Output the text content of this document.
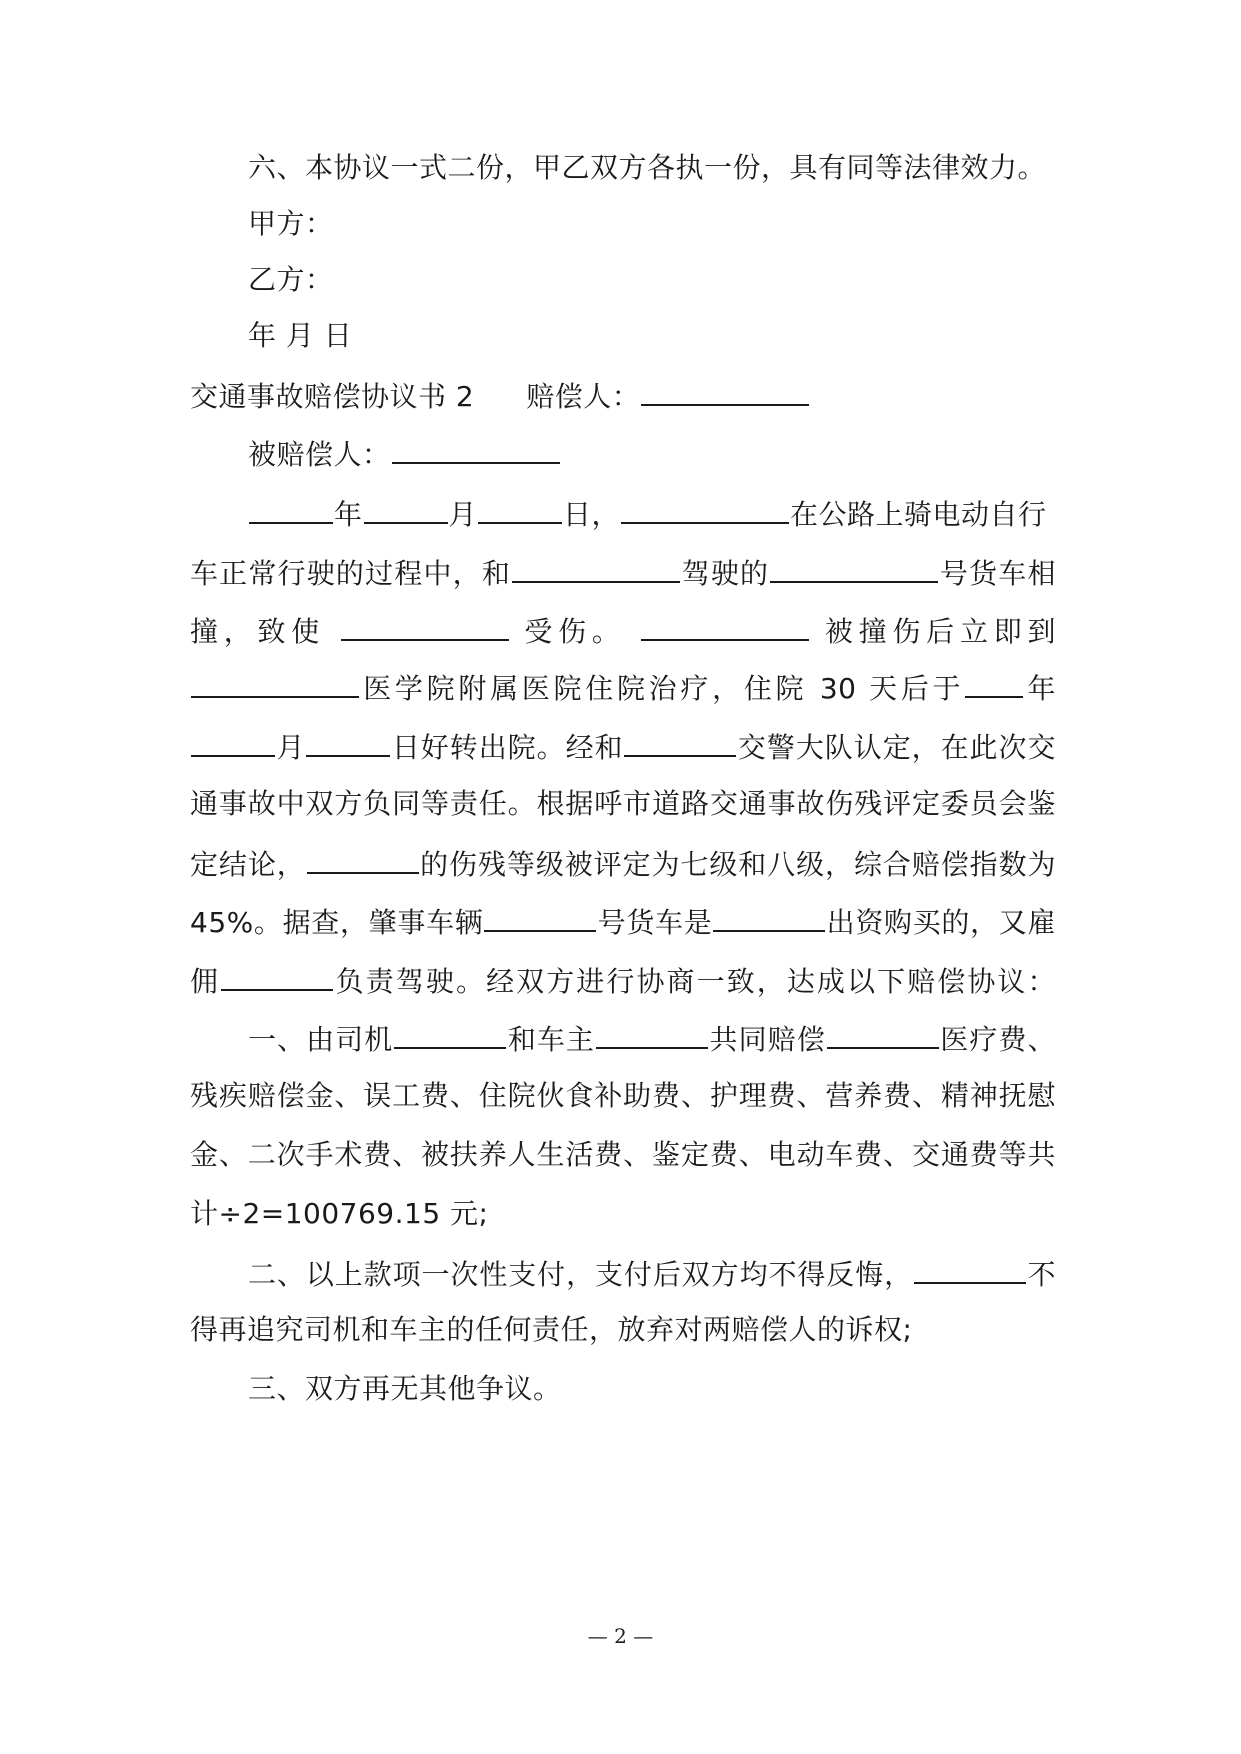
六、本协议一式二份，甲乙双方各执一份，具有同等法律效力。
甲方：
乙方：
年 月 日
交通事故赔偿协议书 2 赔偿人：
被赔偿人：
年	月	日，	在公路上骑电动自行
车正常行驶的过程中，和	驾驶的	号货车相
撞，致使	受伤。	被撞伤后立即到
医学院附属医院住院治疗，住院 30 天后于 年
月	日好转出院。经和	交警大队认定，在此次交
通事故中双方负同等责任。根据呼市道路交通事故伤残评定委员会鉴
定结论，	的伤残等级被评定为七级和八级，综合赔偿指数为
45%。据查，肇事车辆	号货车是	出资购买的，又雇
佣	负责驾驶。经双方进行协商一致，达成以下赔偿协议：
一、由司机	和车主	共同赔偿	医疗费、
残疾赔偿金、误工费、住院伙食补助费、护理费、营养费、精神抚慰
金、二次手术费、被扶养人生活费、鉴定费、电动车费、交通费等共
计÷2=100769.15 元;
二、以上款项一次性支付，支付后双方均不得反悔，	不
得再追究司机和车主的任何责任，放弃对两赔偿人的诉权;
三、双方再无其他争议。
— 2 —
